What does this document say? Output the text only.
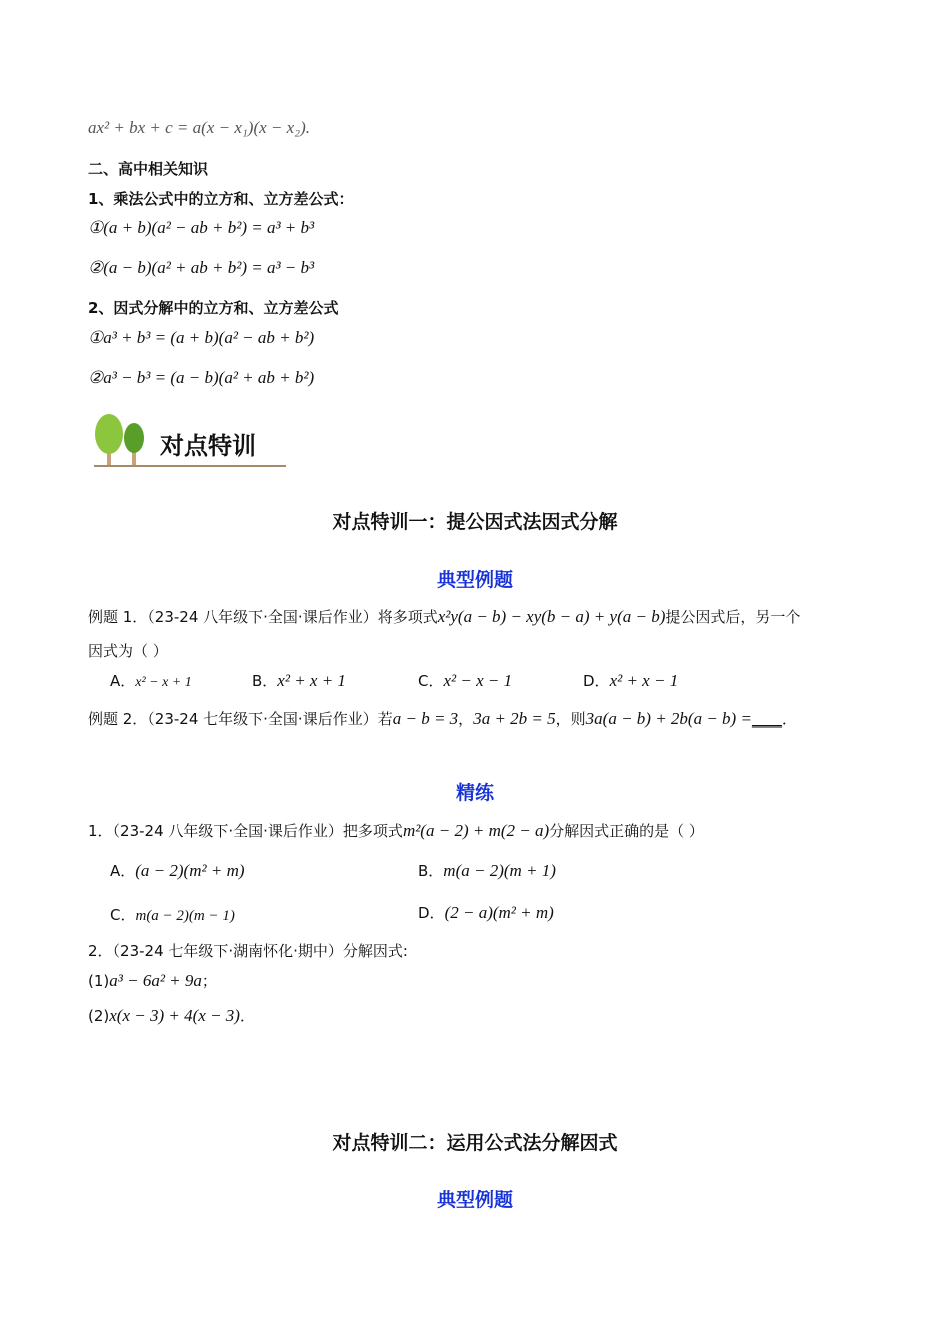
ax² + bx + c = a(x − x₁)(x − x₂).
二、高中相关知识
1、乘法公式中的立方和、立方差公式：
①(a + b)(a² − ab + b²) = a³ + b³
②(a − b)(a² + ab + b²) = a³ − b³
2、因式分解中的立方和、立方差公式
①a³ + b³ = (a + b)(a² − ab + b²)
②a³ − b³ = (a − b)(a² + ab + b²)
对点特训
对点特训一：提公因式法因式分解
典型例题
例题 1．（23-24 八年级下·全国·课后作业）将多项式x²y(a − b) − xy(b − a) + y(a − b)提公因式后，另一个
因式为（ ）
A．x² − x + 1	B．x² + x + 1	C．x² − x − 1	D．x² + x − 1
例题 2．（23-24 七年级下·全国·课后作业）若a − b = 3，3a + 2b = 5，则3a(a − b) + 2b(a − b) =____．
精练
1．（23-24 八年级下·全国·课后作业）把多项式m²(a − 2) + m(2 − a)分解因式正确的是（ ）
A．(a − 2)(m² + m)	B．m(a − 2)(m + 1)
C．m(a − 2)(m − 1)	D．(2 − a)(m² + m)
2．（23-24 七年级下·湖南怀化·期中）分解因式:
(1)a³ − 6a² + 9a；
(2)x(x − 3) + 4(x − 3)．
对点特训二：运用公式法分解因式
典型例题
